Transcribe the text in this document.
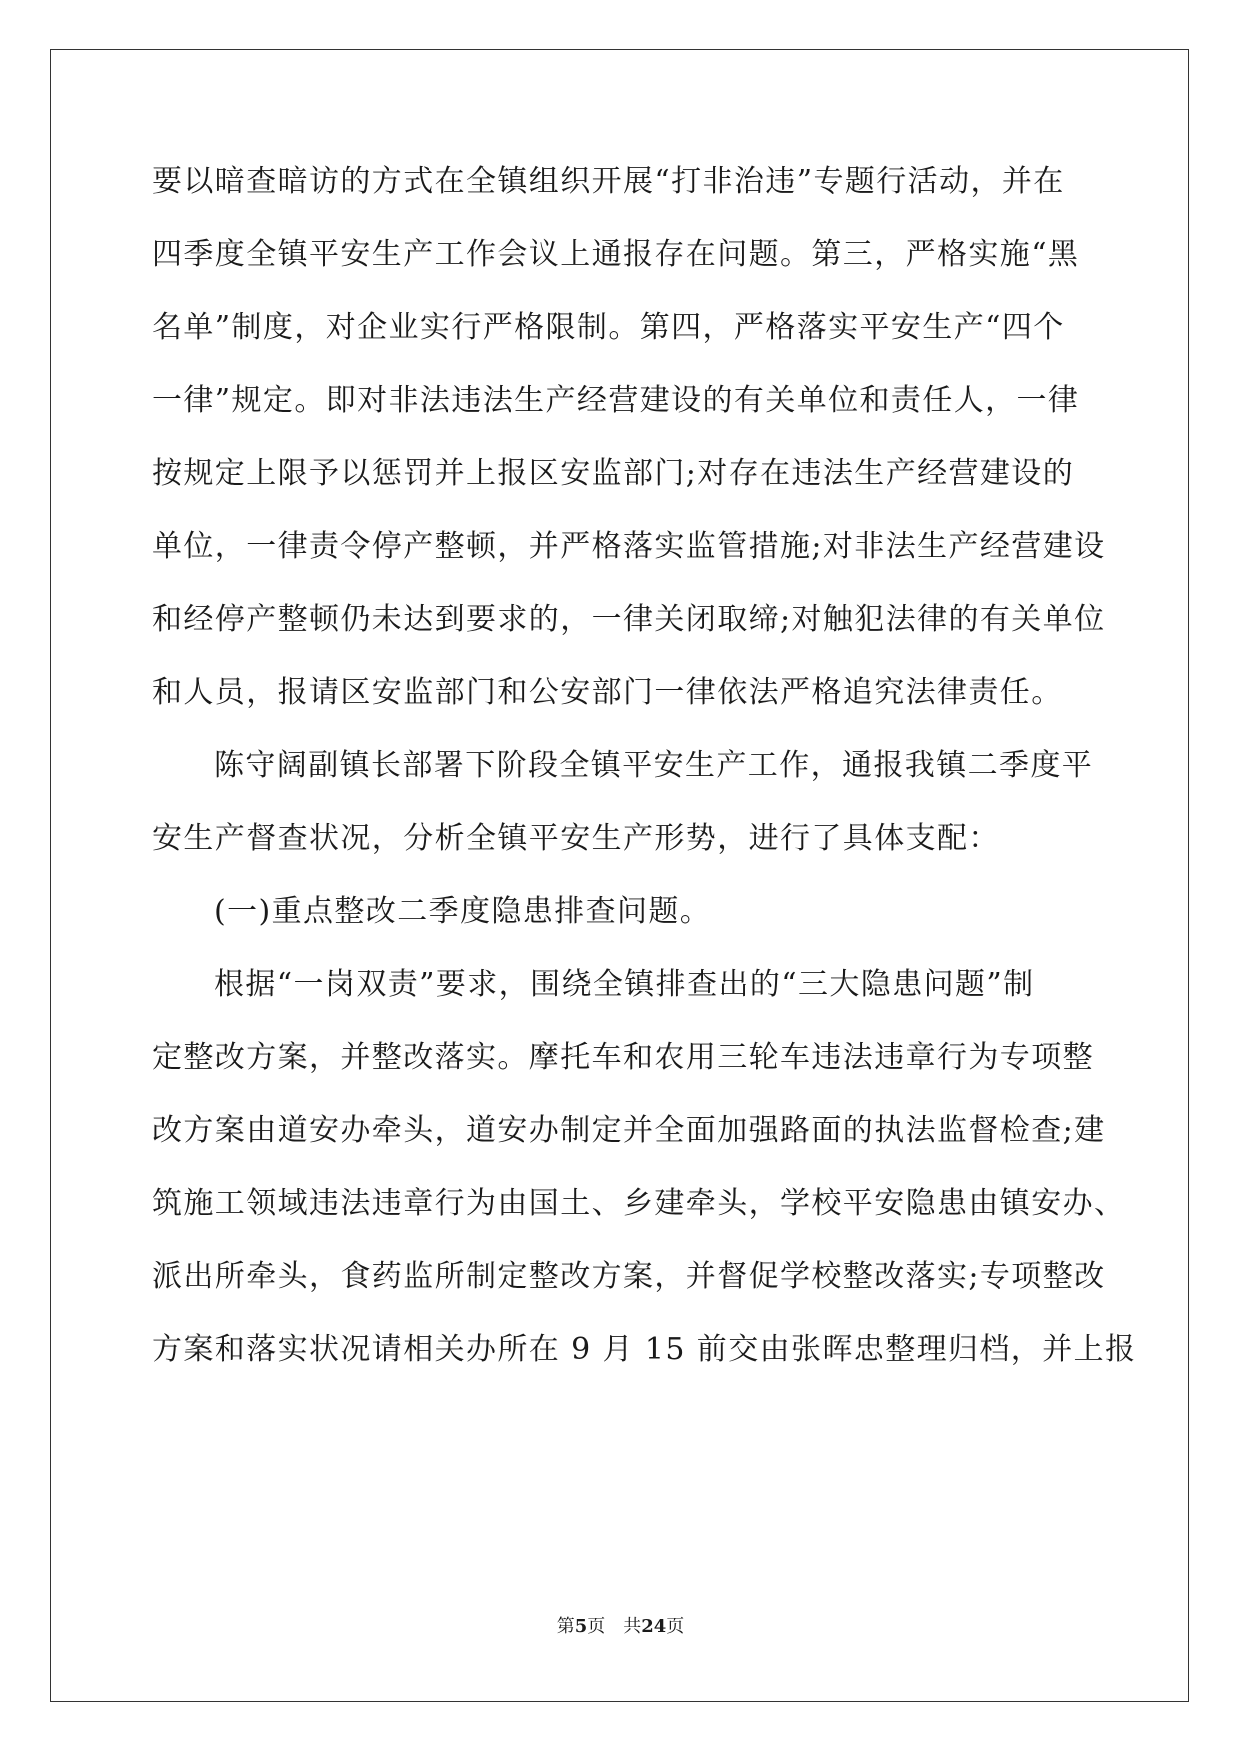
要以暗查暗访的方式在全镇组织开展“打非治违”专题行活动，并在
四季度全镇平安生产工作会议上通报存在问题。第三，严格实施“黑
名单”制度，对企业实行严格限制。第四，严格落实平安生产“四个
一律”规定。即对非法违法生产经营建设的有关单位和责任人，一律
按规定上限予以惩罚并上报区安监部门;对存在违法生产经营建设的
单位，一律责令停产整顿，并严格落实监管措施;对非法生产经营建设
和经停产整顿仍未达到要求的，一律关闭取缔;对触犯法律的有关单位
和人员，报请区安监部门和公安部门一律依法严格追究法律责任。
陈守阔副镇长部署下阶段全镇平安生产工作，通报我镇二季度平
安生产督查状况，分析全镇平安生产形势，进行了具体支配：
(一)重点整改二季度隐患排查问题。
根据“一岗双责”要求，围绕全镇排查出的“三大隐患问题”制
定整改方案，并整改落实。摩托车和农用三轮车违法违章行为专项整
改方案由道安办牵头，道安办制定并全面加强路面的执法监督检查;建
筑施工领域违法违章行为由国土、乡建牵头，学校平安隐患由镇安办、
派出所牵头，食药监所制定整改方案，并督促学校整改落实;专项整改
方案和落实状况请相关办所在 9 月 15 前交由张晖忠整理归档，并上报
第5页 共24页
